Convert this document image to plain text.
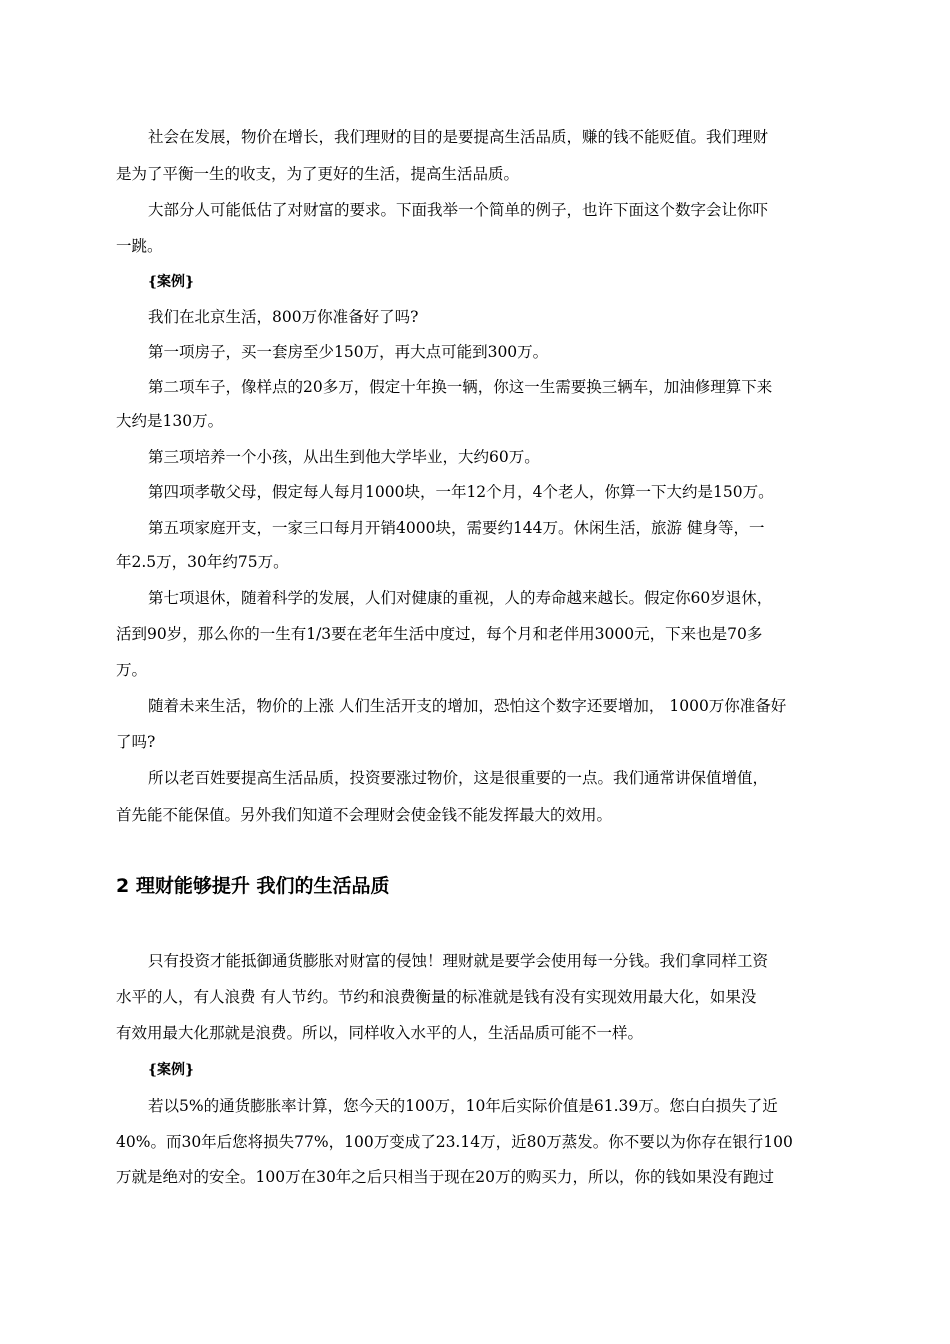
社会在发展，物价在增长，我们理财的目的是要提高生活品质，赚的钱不能贬值。我们理财
是为了平衡一生的收支，为了更好的生活，提高生活品质。
大部分人可能低估了对财富的要求。下面我举一个简单的例子，也许下面这个数字会让你吓
一跳。
{案例}
我们在北京生活，800万你准备好了吗?
第一项房子，买一套房至少150万，再大点可能到300万。
第二项车子，像样点的20多万，假定十年换一辆，你这一生需要换三辆车，加油修理算下来
大约是130万。
第三项培养一个小孩，从出生到他大学毕业，大约60万。
第四项孝敬父母，假定每人每月1000块，一年12个月，4个老人，你算一下大约是150万。
第五项家庭开支，一家三口每月开销4000块，需要约144万。休闲生活，旅游 健身等，一
年2.5万，30年约75万。
第七项退休，随着科学的发展，人们对健康的重视，人的寿命越来越长。假定你60岁退休，
活到90岁，那么你的一生有1/3要在老年生活中度过，每个月和老伴用3000元，下来也是70多
万。
随着未来生活，物价的上涨 人们生活开支的增加，恐怕这个数字还要增加， 1000万你准备好
了吗?
所以老百姓要提高生活品质，投资要涨过物价，这是很重要的一点。我们通常讲保值增值，
首先能不能保值。另外我们知道不会理财会使金钱不能发挥最大的效用。
2 理财能够提升 我们的生活品质
只有投资才能抵御通货膨胀对财富的侵蚀！理财就是要学会使用每一分钱。我们拿同样工资
水平的人，有人浪费 有人节约。节约和浪费衡量的标准就是钱有没有实现效用最大化，如果没
有效用最大化那就是浪费。所以，同样收入水平的人，生活品质可能不一样。
{案例}
若以5%的通货膨胀率计算，您今天的100万，10年后实际价值是61.39万。您白白损失了近
40%。而30年后您将损失77%，100万变成了23.14万，近80万蒸发。你不要以为你存在银行100
万就是绝对的安全。100万在30年之后只相当于现在20万的购买力，所以，你的钱如果没有跑过
